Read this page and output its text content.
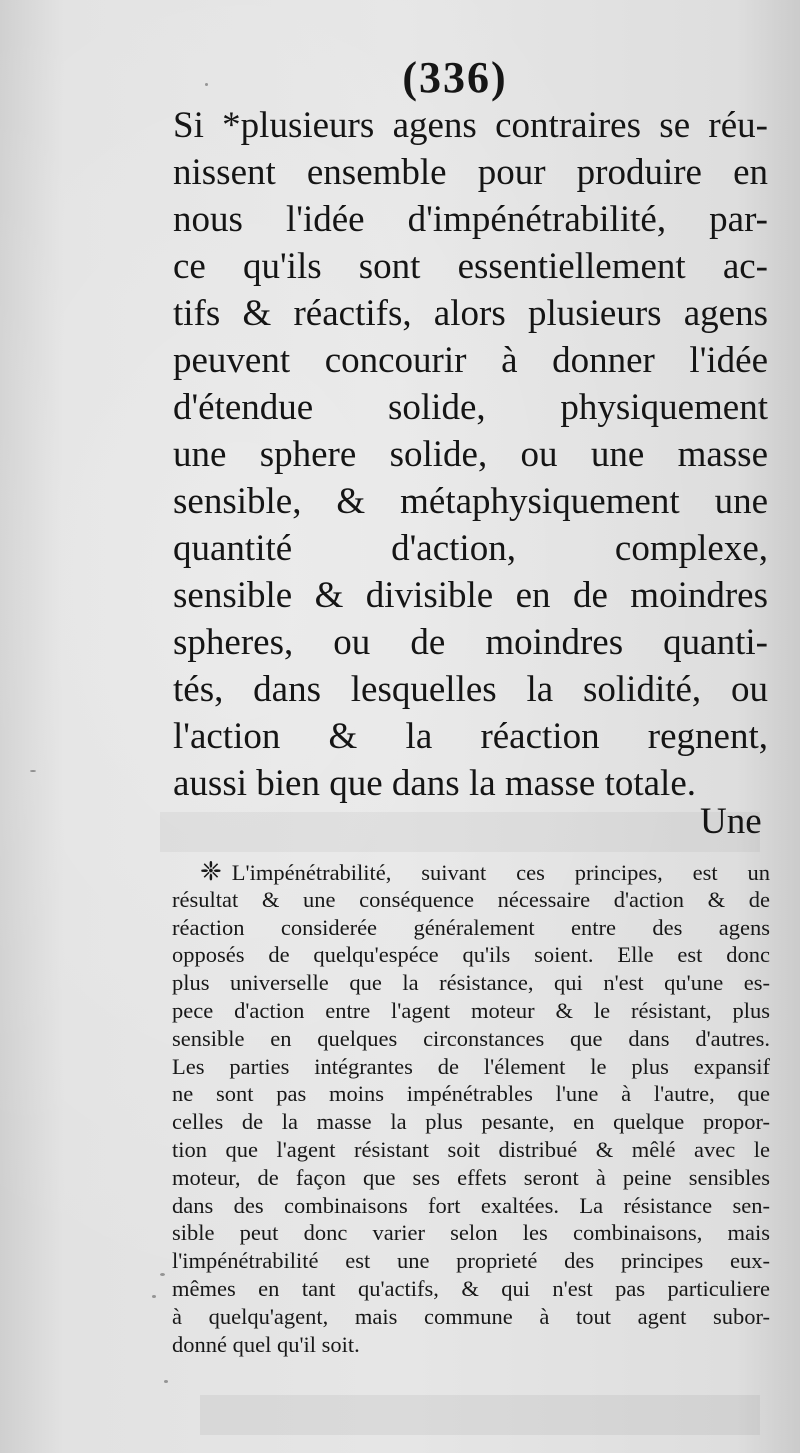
(336)
Si *plusieurs agens contraires se réu-
nissent ensemble pour produire en
nous l'idée d'impénétrabilité, par-
ce qu'ils sont essentiellement ac-
tifs & réactifs, alors plusieurs agens
peuvent concourir à donner l'idée
d'étendue solide, physiquement
une sphere solide, ou une masse
sensible, & métaphysiquement une
quantité d'action, complexe,
sensible & divisible en de moindres
spheres, ou de moindres quanti-
tés, dans lesquelles la solidité, ou
l'action & la réaction regnent,
aussi bien que dans la masse totale.
Une
❈ L'impénétrabilité, suivant ces principes, est un
résultat & une conséquence nécessaire d'action & de
réaction considerée généralement entre des agens
opposés de quelqu'espéce qu'ils soient. Elle est donc
plus universelle que la résistance, qui n'est qu'une es-
pece d'action entre l'agent moteur & le résistant, plus
sensible en quelques circonstances que dans d'autres.
Les parties intégrantes de l'élement le plus expansif
ne sont pas moins impénétrables l'une à l'autre, que
celles de la masse la plus pesante, en quelque propor-
tion que l'agent résistant soit distribué & mêlé avec le
moteur, de façon que ses effets seront à peine sensibles
dans des combinaisons fort exaltées. La résistance sen-
sible peut donc varier selon les combinaisons, mais
l'impénétrabilité est une proprieté des principes eux-
mêmes en tant qu'actifs, & qui n'est pas particuliere
à quelqu'agent, mais commune à tout agent subor-
donné quel qu'il soit.
